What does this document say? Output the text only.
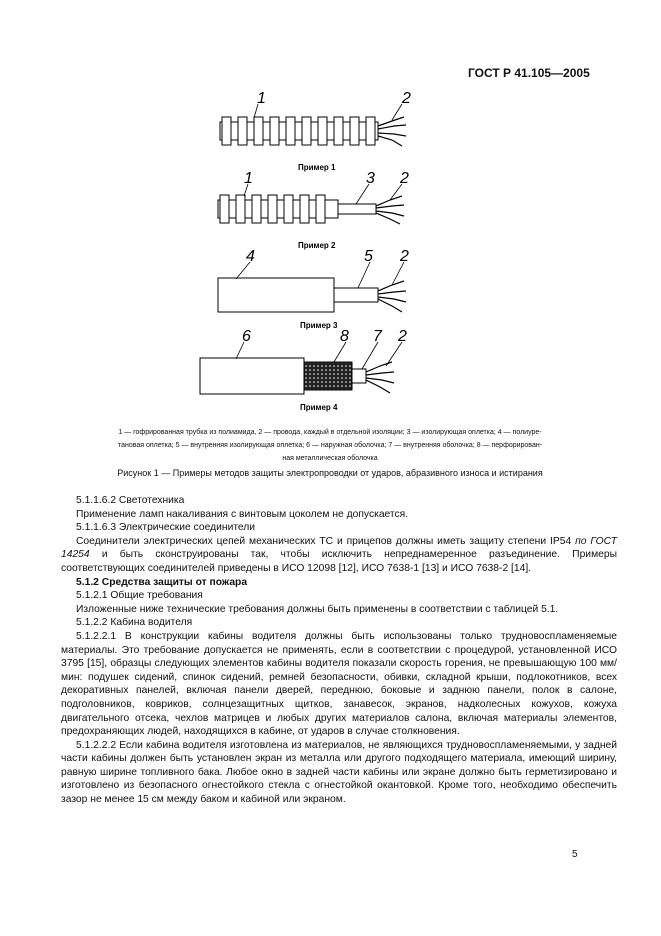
ГОСТ Р 41.105—2005
1	2
Пример 1
1	3 2
Пример 2
4	5 2
Пример 3
6	8 7 2
Пример 4
1 — гофрированная трубка из полиамида, 2 — провода, каждый в отдельной изоляции; 3 — изолирующая оплетка; 4 — полиуре-
тановая оплетка; 5 — внутренняя изолирующая оплетка; 6 — наружная оболочка; 7 — внутренняя оболочка; 8 — перфорирован-
ная металлическая оболочка
Рисунок 1 — Примеры методов защиты электропроводки от ударов, абразивного износа и истирания

5.1.1.6.2 Светотехника

Применение ламп накаливания с винтовым цоколем не допускается.

5.1.1.6.3 Электрические соединители

Соединители электрических цепей механических ТС и прицепов должны иметь защиту степени IP54 по ГОСТ 14254 и быть сконструированы так, чтобы исключить непреднамеренное разъединение. Примеры соответствующих соединителей приведены в ИСО 12098 [12], ИСО 7638-1 [13] и ИСО 7638-2 [14].

5.1.2 Средства защиты от пожара

5.1.2.1 Общие требования

Изложенные ниже технические требования должны быть применены в соответствии с таблицей 5.1.

5.1.2.2 Кабина водителя

5.1.2.2.1 В конструкции кабины водителя должны быть использованы только трудновоспламеняемые материалы. Это требование допускается не применять, если в соответствии с процедурой, установленной ИСО 3795 [15], образцы следующих элементов кабины водителя показали скорость горения, не превышающую 100 мм/мин: подушек сидений, спинок сидений, ремней безопасности, обивки, складной крыши, подлокотников, всех декоративных панелей, включая панели дверей, переднюю, боковые и заднюю панели, полок в салоне, подголовников, ковриков, солнцезащитных щитков, занавесок, экранов, надколесных кожухов, кожуха двигательного отсека, чехлов матрицев и любых других материалов салона, включая материалы элементов, предохраняющих людей, находящихся в кабине, от ударов в случае столкновения.

5.1.2.2.2 Если кабина водителя изготовлена из материалов, не являющихся трудновоспламеняемыми, у задней части кабины должен быть установлен экран из металла или другого подходящего материала, имеющий ширину, равную ширине топливного бака. Любое окно в задней части кабины или экране должно быть герметизировано и изготовлено из безопасного огнестойкого стекла с огнестойкой окантовкой. Кроме того, необходимо обеспечить зазор не менее 15 см между баком и кабиной или экраном.

5
